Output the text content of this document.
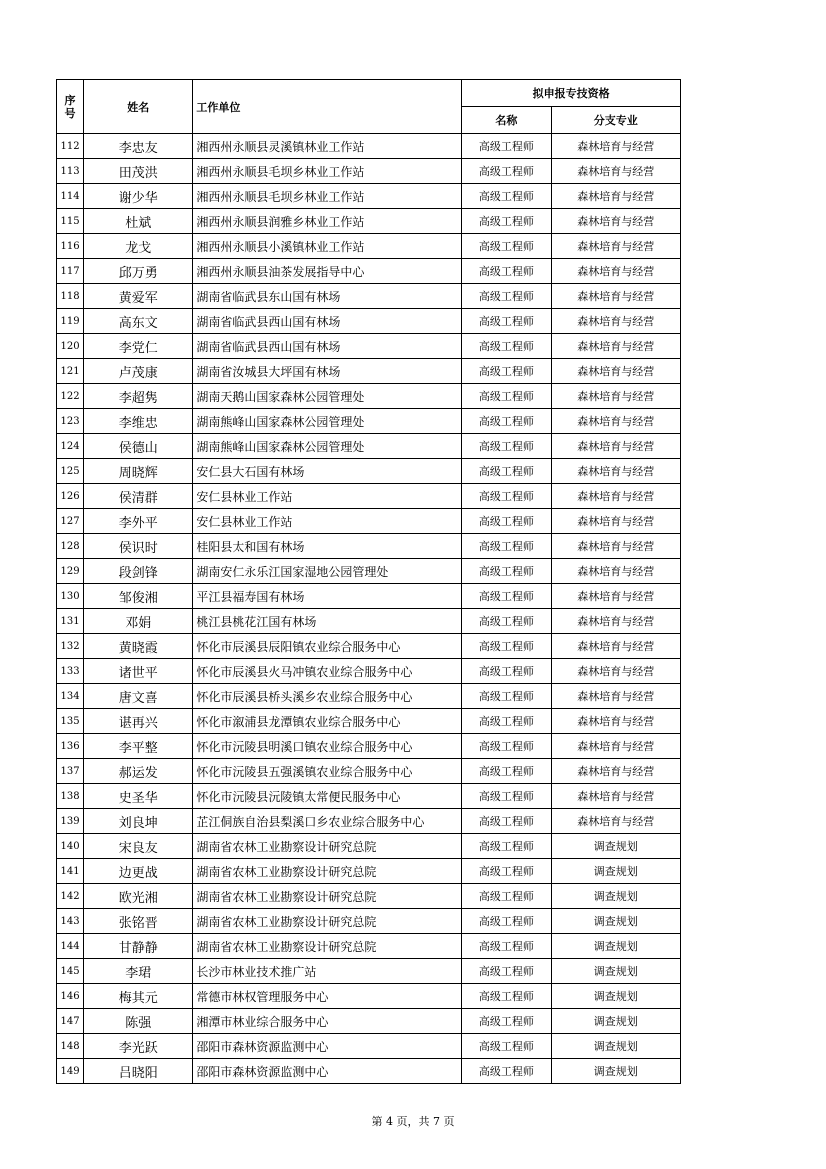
序
号	姓名	工作单位	拟申报专技资格	
			名称	分支专业
112	李忠友	湘西州永顺县灵溪镇林业工作站	高级工程师	森林培育与经营
113	田茂洪	湘西州永顺县毛坝乡林业工作站	高级工程师	森林培育与经营
114	谢少华	湘西州永顺县毛坝乡林业工作站	高级工程师	森林培育与经营
115	杜斌	湘西州永顺县润雅乡林业工作站	高级工程师	森林培育与经营
116	龙戈	湘西州永顺县小溪镇林业工作站	高级工程师	森林培育与经营
117	邱万勇	湘西州永顺县油茶发展指导中心	高级工程师	森林培育与经营
118	黄爱军	湖南省临武县东山国有林场	高级工程师	森林培育与经营
119	高东文	湖南省临武县西山国有林场	高级工程师	森林培育与经营
120	李党仁	湖南省临武县西山国有林场	高级工程师	森林培育与经营
121	卢茂康	湖南省汝城县大坪国有林场	高级工程师	森林培育与经营
122	李超隽	湖南天鹅山国家森林公园管理处	高级工程师	森林培育与经营
123	李维忠	湖南熊峰山国家森林公园管理处	高级工程师	森林培育与经营
124	侯德山	湖南熊峰山国家森林公园管理处	高级工程师	森林培育与经营
125	周晓辉	安仁县大石国有林场	高级工程师	森林培育与经营
126	侯清群	安仁县林业工作站	高级工程师	森林培育与经营
127	李外平	安仁县林业工作站	高级工程师	森林培育与经营
128	侯识时	桂阳县太和国有林场	高级工程师	森林培育与经营
129	段剑锋	湖南安仁永乐江国家湿地公园管理处	高级工程师	森林培育与经营
130	邹俊湘	平江县福寿国有林场	高级工程师	森林培育与经营
131	邓娟	桃江县桃花江国有林场	高级工程师	森林培育与经营
132	黄晓霞	怀化市辰溪县辰阳镇农业综合服务中心	高级工程师	森林培育与经营
133	诸世平	怀化市辰溪县火马冲镇农业综合服务中心	高级工程师	森林培育与经营
134	唐文喜	怀化市辰溪县桥头溪乡农业综合服务中心	高级工程师	森林培育与经营
135	谌再兴	怀化市溆浦县龙潭镇农业综合服务中心	高级工程师	森林培育与经营
136	李平整	怀化市沅陵县明溪口镇农业综合服务中心	高级工程师	森林培育与经营
137	郝运发	怀化市沅陵县五强溪镇农业综合服务中心	高级工程师	森林培育与经营
138	史圣华	怀化市沅陵县沅陵镇太常便民服务中心	高级工程师	森林培育与经营
139	刘良坤	芷江侗族自治县梨溪口乡农业综合服务中心	高级工程师	森林培育与经营
140	宋良友	湖南省农林工业勘察设计研究总院	高级工程师	调查规划
141	边更战	湖南省农林工业勘察设计研究总院	高级工程师	调查规划
142	欧光湘	湖南省农林工业勘察设计研究总院	高级工程师	调查规划
143	张铭晋	湖南省农林工业勘察设计研究总院	高级工程师	调查规划
144	甘静静	湖南省农林工业勘察设计研究总院	高级工程师	调查规划
145	李珺	长沙市林业技术推广站	高级工程师	调查规划
146	梅其元	常德市林权管理服务中心	高级工程师	调查规划
147	陈强	湘潭市林业综合服务中心	高级工程师	调查规划
148	李光跃	邵阳市森林资源监测中心	高级工程师	调查规划
149	吕晓阳	邵阳市森林资源监测中心	高级工程师	调查规划
第 4 页，共 7 页
